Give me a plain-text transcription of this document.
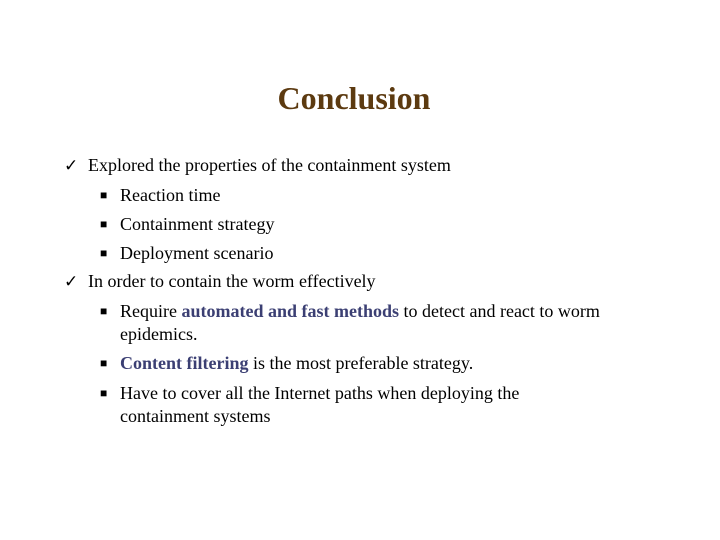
Conclusion
✓ Explored the properties of the containment system
■ Reaction time
■ Containment strategy
■ Deployment scenario
✓ In order to contain the worm effectively
■ Require automated and fast methods to detect and react to worm
epidemics.
■ Content filtering is the most preferable strategy.
■ Have to cover all the Internet paths when deploying the
containment systems
